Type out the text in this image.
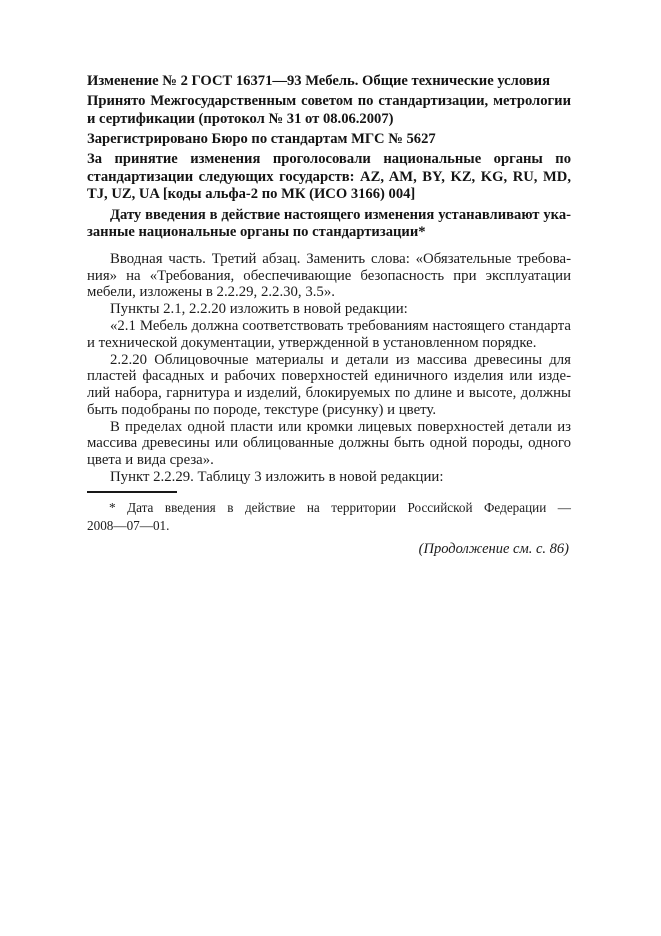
Изменение № 2 ГОСТ 16371—93 Мебель. Общие технические условия

Принято Межгосударственным советом по стандартизации, метрологии и сертификации (протокол № 31 от 08.06.2007)

Зарегистрировано Бюро по стандартам МГС № 5627

За принятие изменения проголосовали национальные органы по стандартизации следующих государств: AZ, AM, BY, KZ, KG, RU, MD, TJ, UZ, UA [коды альфа-2 по МК (ИСО 3166) 004]

Дату введения в действие настоящего изменения устанавливают указанные национальные органы по стандартизации*

Вводная часть. Третий абзац. Заменить слова: «Обязательные требования» на «Требования, обеспечивающие безопасность при эксплуатации мебели, изложены в 2.2.29, 2.2.30, 3.5».

Пункты 2.1, 2.2.20 изложить в новой редакции:

«2.1 Мебель должна соответствовать требованиям настоящего стандарта и технической документации, утвержденной в установленном порядке.

2.2.20 Облицовочные материалы и детали из массива древесины для пластей фасадных и рабочих поверхностей единичного изделия или изделий набора, гарнитура и изделий, блокируемых по длине и высоте, должны быть подобраны по породе, текстуре (рисунку) и цвету.

В пределах одной пласти или кромки лицевых поверхностей детали из массива древесины или облицованные должны быть одной породы, одного цвета и вида среза».

Пункт 2.2.29. Таблицу 3 изложить в новой редакции:

* Дата введения в действие на территории Российской Федерации —
2008—07—01.
(Продолжение см. с. 86)
